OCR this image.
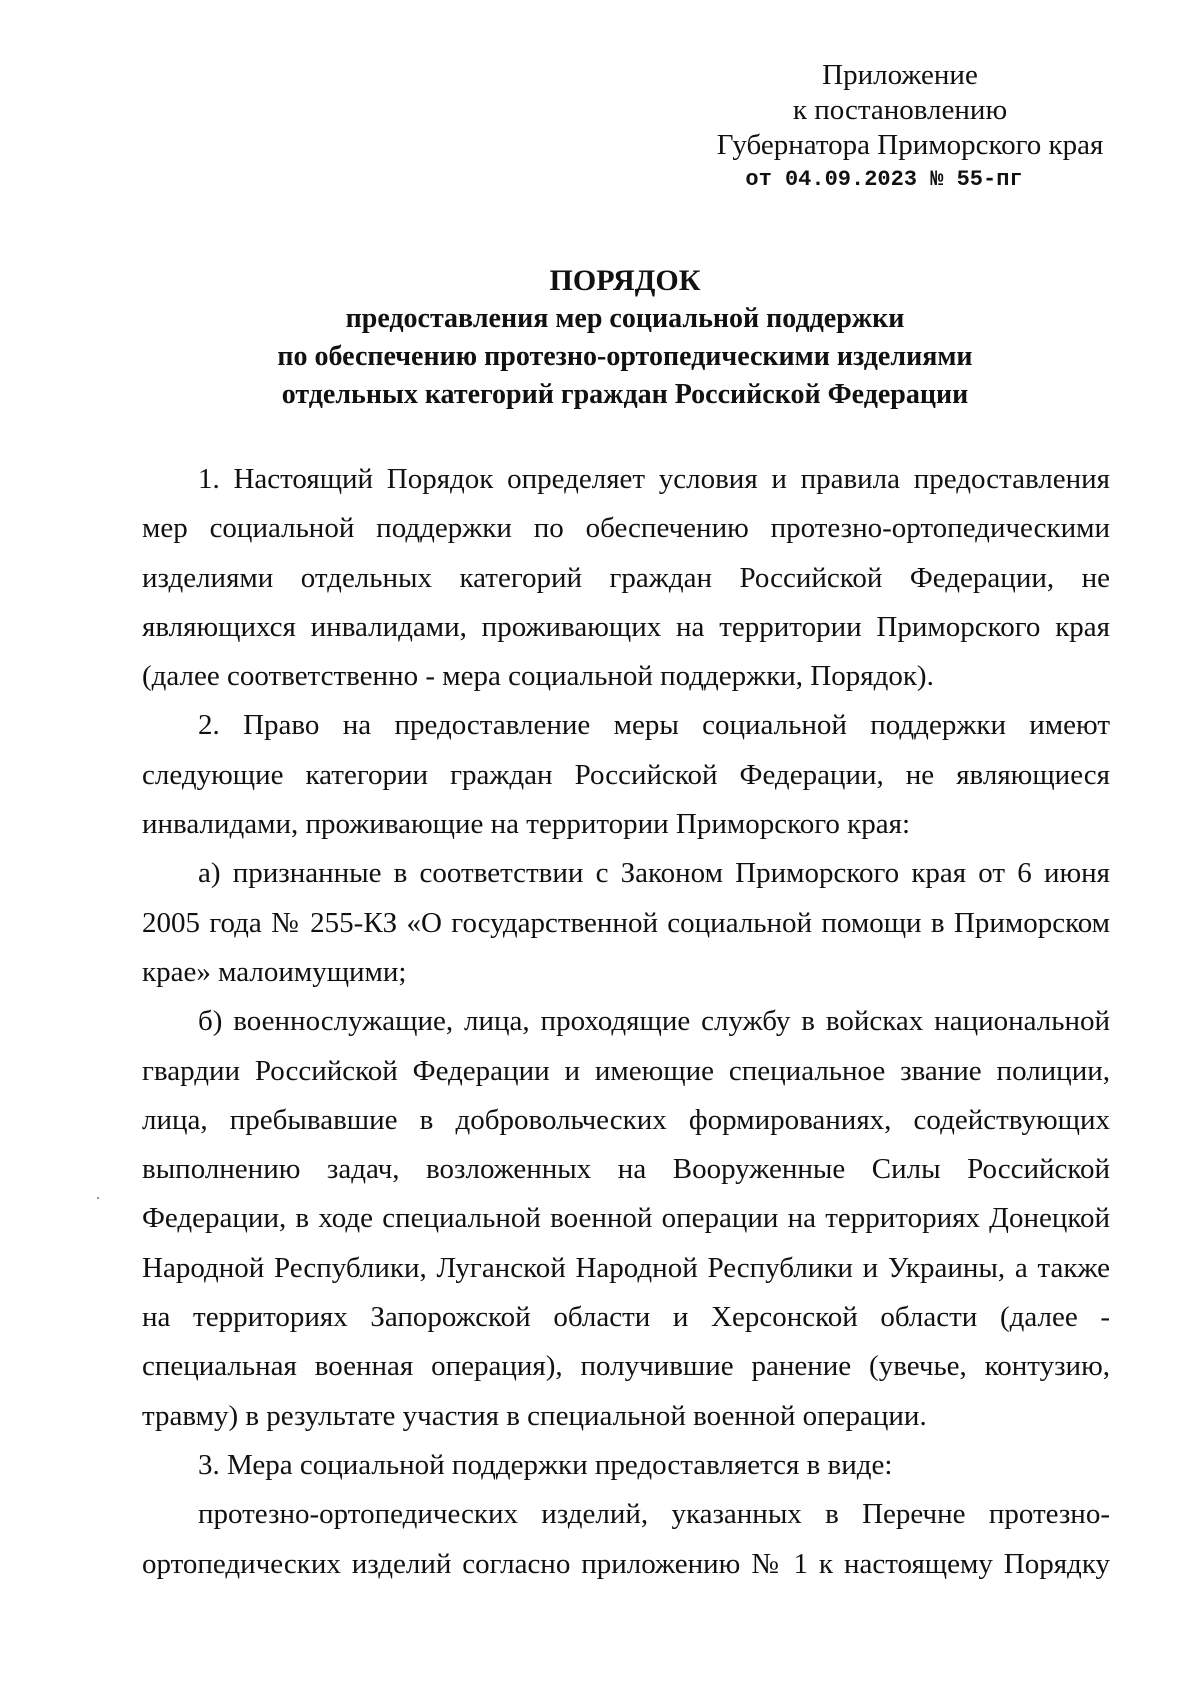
Приложение
к постановлению
Губернатора Приморского края
от 04.09.2023 № 55-пг
ПОРЯДОК
предоставления мер социальной поддержки
по обеспечению протезно-ортопедическими изделиями
отдельных категорий граждан Российской Федерации

1. Настоящий Порядок определяет условия и правила предоставления мер социальной поддержки по обеспечению протезно-ортопедическими изделиями отдельных категорий граждан Российской Федерации, не являющихся инвалидами, проживающих на территории Приморского края (далее соответственно - мера социальной поддержки, Порядок).

2. Право на предоставление меры социальной поддержки имеют следующие категории граждан Российской Федерации, не являющиеся инвалидами, проживающие на территории Приморского края:

а) признанные в соответствии с Законом Приморского края от 6 июня 2005 года № 255-КЗ «О государственной социальной помощи в Приморском крае» малоимущими;

б) военнослужащие, лица, проходящие службу в войсках национальной гвардии Российской Федерации и имеющие специальное звание полиции, лица, пребывавшие в добровольческих формированиях, содействующих выполнению задач, возложенных на Вооруженные Силы Российской Федерации, в ходе специальной военной операции на территориях Донецкой Народной Республики, Луганской Народной Республики и Украины, а также на территориях Запорожской области и Херсонской области (далее - специальная военная операция), получившие ранение (увечье, контузию, травму) в результате участия в специальной военной операции.

3. Мера социальной поддержки предоставляется в виде:

протезно-ортопедических изделий, указанных в Перечне протезно-ортопедических изделий согласно приложению № 1 к настоящему Порядку
